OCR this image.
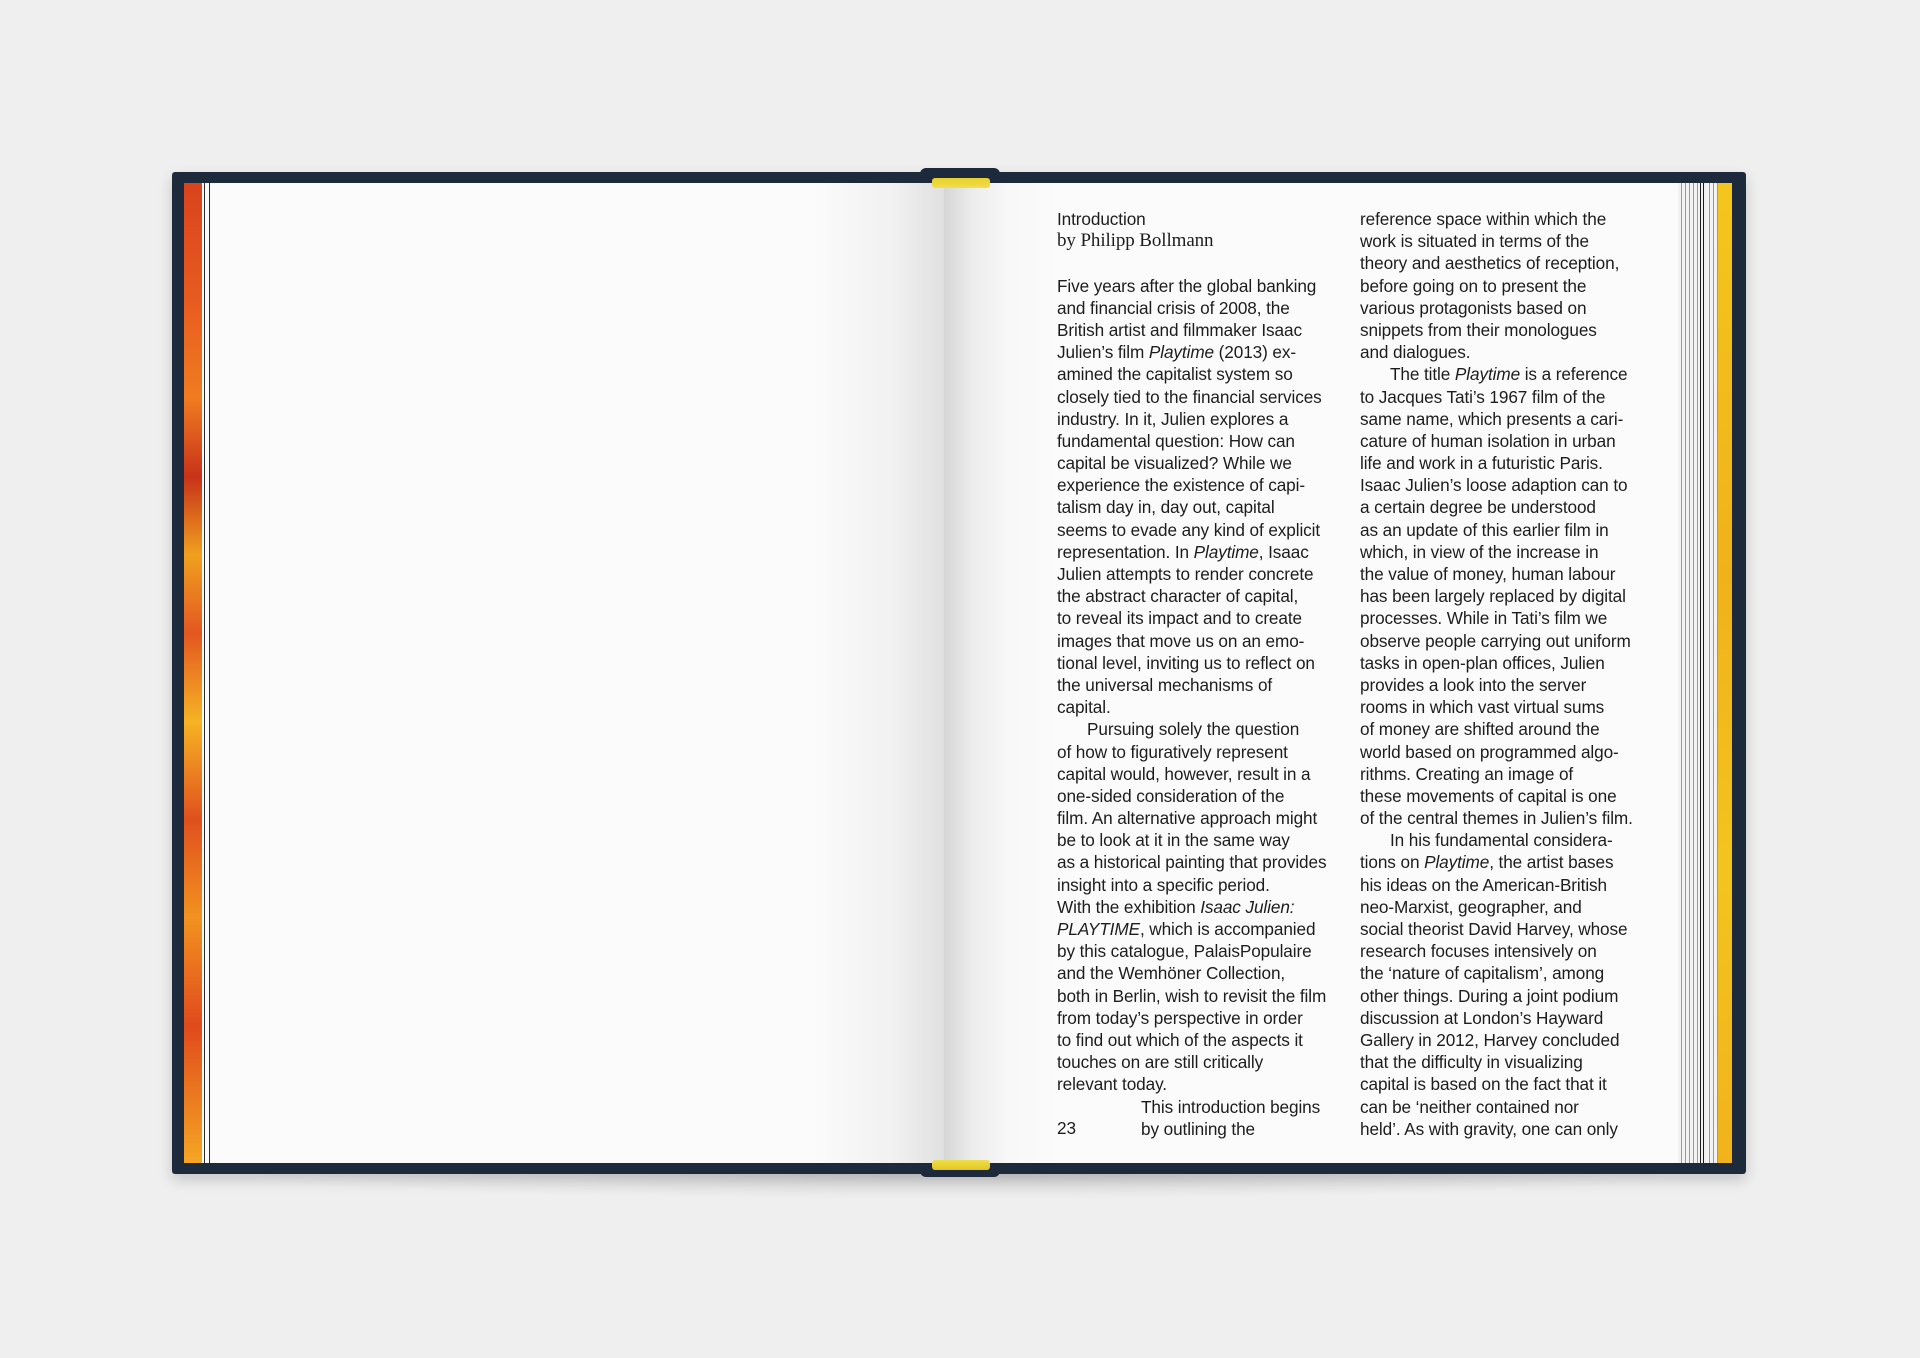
Introduction
by Philipp Bollmann
Five years after the global banking
and financial crisis of 2008, the
British artist and filmmaker Isaac
Julien’s film Playtime (2013) ex-
amined the capitalist system so
closely tied to the financial services
industry. In it, Julien explores a
fundamental question: How can
capital be visualized? While we
experience the existence of capi-
talism day in, day out, capital
seems to evade any kind of explicit
representation. In Playtime, Isaac
Julien attempts to render concrete
the abstract character of capital,
to reveal its impact and to create
images that move us on an emo-
tional level, inviting us to reflect on
the universal mechanisms of
capital.
Pursuing solely the question
of how to figuratively represent
capital would, however, result in a
one-sided consideration of the
film. An alternative approach might
be to look at it in the same way
as a historical painting that provides
insight into a specific period.
With the exhibition Isaac Julien:
PLAYTIME, which is accompanied
by this catalogue, PalaisPopulaire
and the Wemhöner Collection,
both in Berlin, wish to revisit the film
from today’s perspective in order
to find out which of the aspects it
touches on are still critically
relevant today.
This introduction begins
by outlining the
reference space within which the
work is situated in terms of the
theory and aesthetics of reception,
before going on to present the
various protagonists based on
snippets from their monologues
and dialogues.
The title Playtime is a reference
to Jacques Tati’s 1967 film of the
same name, which presents a cari-
cature of human isolation in urban
life and work in a futuristic Paris.
Isaac Julien’s loose adaption can to
a certain degree be understood
as an update of this earlier film in
which, in view of the increase in
the value of money, human labour
has been largely replaced by digital
processes. While in Tati’s film we
observe people carrying out uniform
tasks in open-plan offices, Julien
provides a look into the server
rooms in which vast virtual sums
of money are shifted around the
world based on programmed algo-
rithms. Creating an image of
these movements of capital is one
of the central themes in Julien’s film.
In his fundamental considera-
tions on Playtime, the artist bases
his ideas on the American-British
neo-Marxist, geographer, and
social theorist David Harvey, whose
research focuses intensively on
the ‘nature of capitalism’, among
other things. During a joint podium
discussion at London’s Hayward
Gallery in 2012, Harvey concluded
that the difficulty in visualizing
capital is based on the fact that it
can be ‘neither contained nor
held’. As with gravity, one can only
23
